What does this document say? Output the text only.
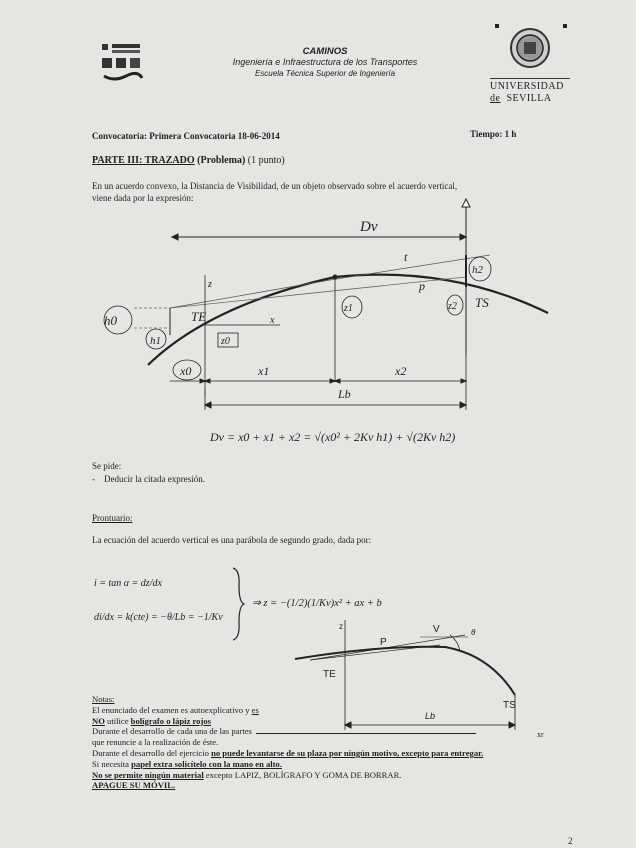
CAMINOS
Ingeniería e Infraestructura de los Transportes
Escuela Técnica Superior de Ingeniería
UNIVERSIDAD
de SEVILLA
Convocatoria: Primera Convocatoria 18-06-2014	Tiempo: 1 h
PARTE III: TRAZADO (Problema) (1 punto)

En un acuerdo convexo, la Distancia de Visibilidad, de un objeto observado sobre el acuerdo vertical,

viene dada por la expresión:

Dv
t
p
h2
TS
z2
z1
TE
z
x
z0
h0
h1
x0	x1	x2
Lb
Dv = x0 + x1 + x2 = √(x0² + 2Kv h1) + √(2Kv h2)

Se pide:

-    Deducir la citada expresión.

Prontuario:
La ecuación del acuerdo vertical es una parábola de segundo grado, dada por:
i = tan α = dz/dx
di/dx = k(cte) = −θ/Lb = −1/Kv
⇒ z = −(1/2)(1/Kv)x² + ax + b
z
P
V	θ
TE
TS
Lb
xr

Notas:

El enunciado del examen es autoexplicativo y es

NO utilice bolígrafo o lápiz rojos

Durante el desarrollo de cada una de las partes

que renuncie a la realización de éste.

Durante el desarrollo del ejercicio no puede levantarse de su plaza por ningún motivo, excepto para entregar.

Si necesita papel extra solicítelo con la mano en alto.

No se permite ningún material excepto LAPIZ, BOLÍGRAFO Y GOMA DE BORRAR.

APAGUE SU MÓVIL.

2
